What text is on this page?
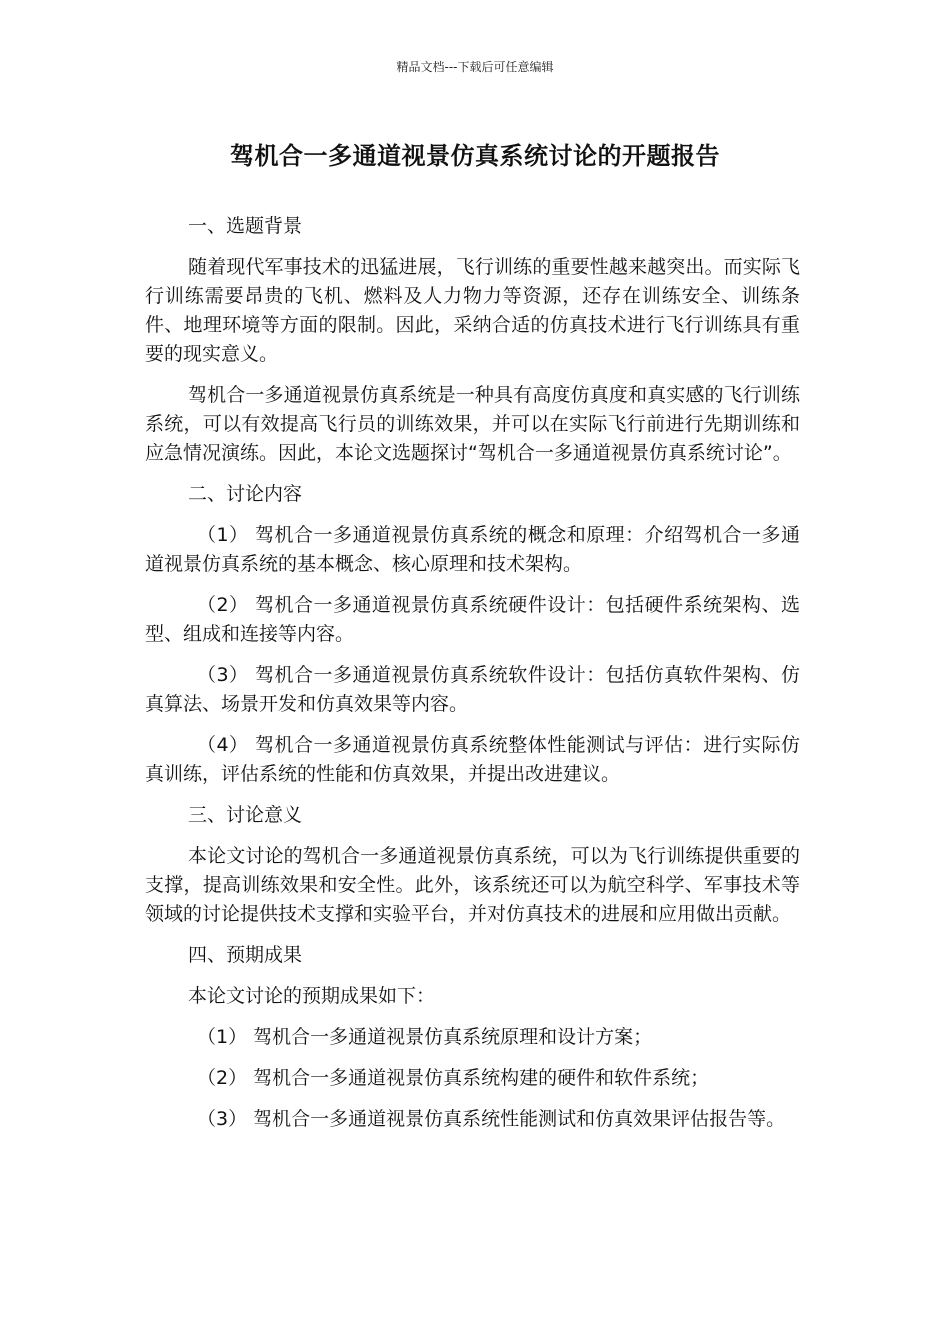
精品文档---下载后可任意编辑
驾机合一多通道视景仿真系统讨论的开题报告
一、选题背景
随着现代军事技术的迅猛进展，飞行训练的重要性越来越突出。而实际飞行训练需要昂贵的飞机、燃料及人力物力等资源，还存在训练安全、训练条件、地理环境等方面的限制。因此，采纳合适的仿真技术进行飞行训练具有重要的现实意义。
驾机合一多通道视景仿真系统是一种具有高度仿真度和真实感的飞行训练系统，可以有效提高飞行员的训练效果，并可以在实际飞行前进行先期训练和应急情况演练。因此，本论文选题探讨“驾机合一多通道视景仿真系统讨论”。
二、讨论内容
（1） 驾机合一多通道视景仿真系统的概念和原理：介绍驾机合一多通道视景仿真系统的基本概念、核心原理和技术架构。
（2） 驾机合一多通道视景仿真系统硬件设计：包括硬件系统架构、选型、组成和连接等内容。
（3） 驾机合一多通道视景仿真系统软件设计：包括仿真软件架构、仿真算法、场景开发和仿真效果等内容。
（4） 驾机合一多通道视景仿真系统整体性能测试与评估：进行实际仿真训练，评估系统的性能和仿真效果，并提出改进建议。
三、讨论意义
本论文讨论的驾机合一多通道视景仿真系统，可以为飞行训练提供重要的支撑，提高训练效果和安全性。此外，该系统还可以为航空科学、军事技术等领域的讨论提供技术支撑和实验平台，并对仿真技术的进展和应用做出贡献。
四、预期成果
本论文讨论的预期成果如下：
（1） 驾机合一多通道视景仿真系统原理和设计方案；
（2） 驾机合一多通道视景仿真系统构建的硬件和软件系统；
（3） 驾机合一多通道视景仿真系统性能测试和仿真效果评估报告等。
